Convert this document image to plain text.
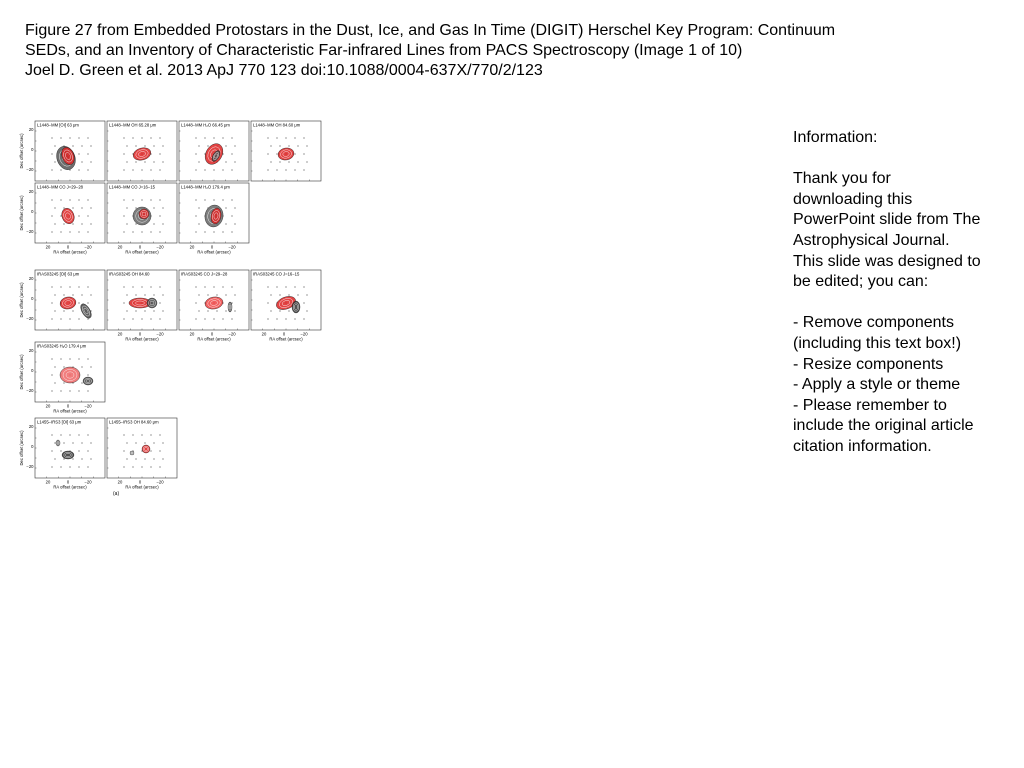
Figure 27 from Embedded Protostars in the Dust, Ice, and Gas In Time (DIGIT) Herschel Key Program: Continuum
SEDs, and an Inventory of Characteristic Far-infrared Lines from PACS Spectroscopy (Image 1 of 10)
Joel D. Green et al. 2013 ApJ 770 123 doi:10.1088/0004-637X/770/2/123
L1448−MM [OI] 63 μm
20
0
−20
Dec offset (arcsec)
L1448−MM OH 65.28 μm	L1448−MM H₂O 66.45 μm	L1448−MM OH 84.60 μm
L1448−MM CO J=29−28
20
0
−20
Dec offset (arcsec)
20	0	−20
RA offset (arcsec)
L1448−MM CO J=16−15
20	0	−20
RA offset (arcsec)
L1448−MM H₂O 179.4 μm
20	0	−20
RA offset (arcsec)
IRAS03245 [OI] 63 μm
20
0
−20
Dec offset (arcsec)
IRAS03245 OH 84.60
20	0	−20
RA offset (arcsec)
IRAS03245 CO J=29−28
20	0	−20
RA offset (arcsec)
IRAS03245 CO J=16−15
20	0	−20
RA offset (arcsec)
IRAS03245 H₂O 179.4 μm
20
0
−20
Dec offset (arcsec)
20	0	−20
RA offset (arcsec)
L1455−IRS3 [OI] 63 μm
20
0
−20
Dec offset (arcsec)
20	0	−20
RA offset (arcsec)
L1455−IRS3 OH 84.60 μm
20	0	−20
RA offset (arcsec)
(a)
Information:
Thank you for downloading this PowerPoint slide from The Astrophysical Journal. This slide was designed to be edited; you can:
- Remove components (including this text box!)
- Resize components
- Apply a style or theme
- Please remember to include the original article citation information.
